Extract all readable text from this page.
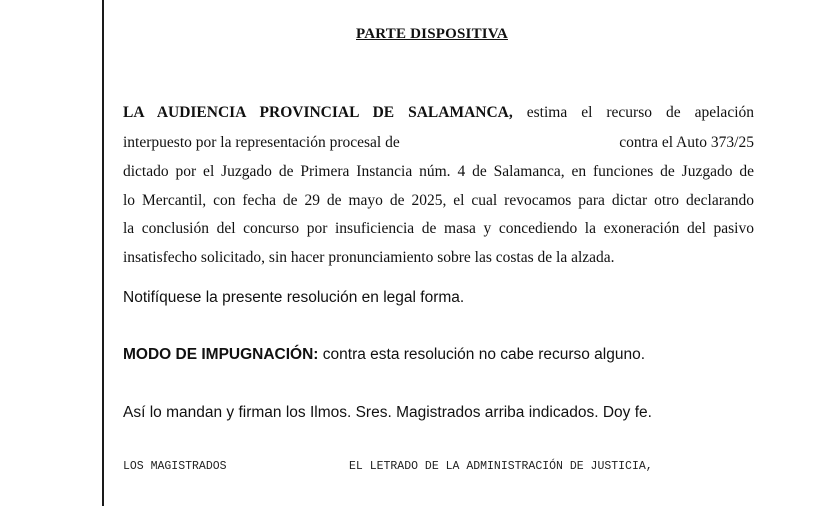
PARTE DISPOSITIVA
LA AUDIENCIA PROVINCIAL DE SALAMANCA, estima el recurso de apelación
interpuesto por la representación procesal de	contra el Auto 373/25
dictado por el Juzgado de Primera Instancia núm. 4 de Salamanca, en funciones de Juzgado de
lo Mercantil, con fecha de 29 de mayo de 2025, el cual revocamos para dictar otro declarando
la conclusión del concurso por insuficiencia de masa y concediendo la exoneración del pasivo
insatisfecho solicitado, sin hacer pronunciamiento sobre las costas de la alzada.
Notifíquese la presente resolución en legal forma.
MODO DE IMPUGNACIÓN: contra esta resolución no cabe recurso alguno.
Así lo mandan y firman los Ilmos. Sres. Magistrados arriba indicados. Doy fe.
LOS MAGISTRADOS	EL LETRADO DE LA ADMINISTRACIÓN DE JUSTICIA,
